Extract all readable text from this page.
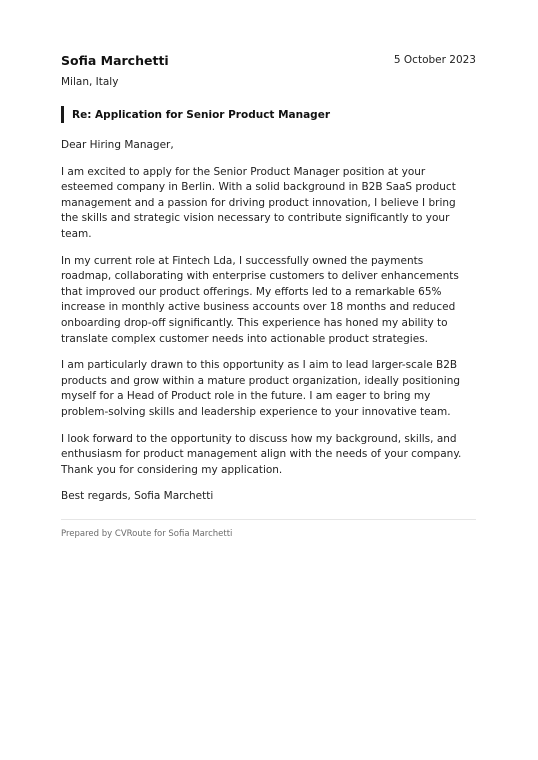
Sofia Marchetti	5 October 2023
Milan, Italy
Re: Application for Senior Product Manager
Dear Hiring Manager,
I am excited to apply for the Senior Product Manager position at your esteemed company in Berlin. With a solid background in B2B SaaS product management and a passion for driving product innovation, I believe I bring the skills and strategic vision necessary to contribute significantly to your team.
In my current role at Fintech Lda, I successfully owned the payments roadmap, collaborating with enterprise customers to deliver enhancements that improved our product offerings. My efforts led to a remarkable 65% increase in monthly active business accounts over 18 months and reduced onboarding drop-off significantly. This experience has honed my ability to translate complex customer needs into actionable product strategies.
I am particularly drawn to this opportunity as I aim to lead larger-scale B2B products and grow within a mature product organization, ideally positioning myself for a Head of Product role in the future. I am eager to bring my problem-solving skills and leadership experience to your innovative team.
I look forward to the opportunity to discuss how my background, skills, and enthusiasm for product management align with the needs of your company. Thank you for considering my application.
Best regards, Sofia Marchetti
Prepared by CVRoute for Sofia Marchetti
